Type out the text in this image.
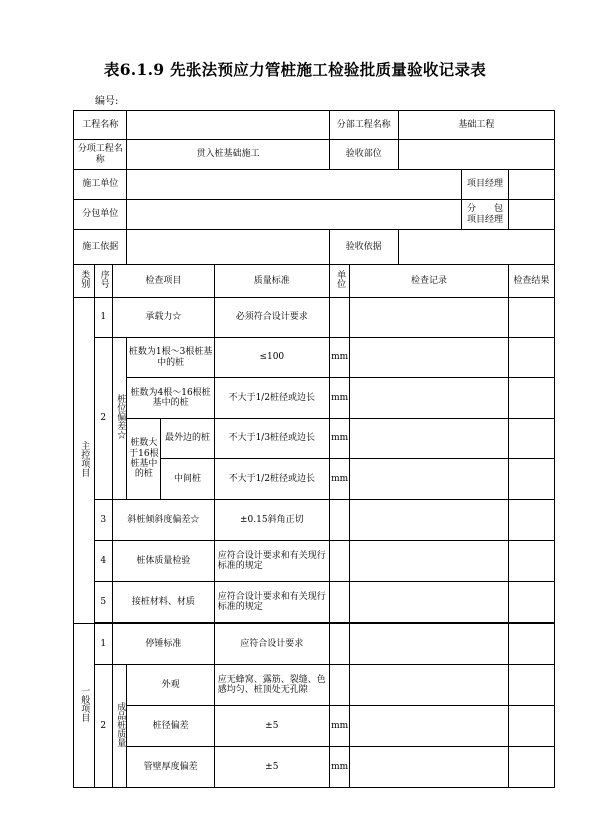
表6.1.9 先张法预应力管桩施工检验批质量验收记录表
编号:
工程名称						分部工程名称		基础工程		
分项工程名称			贯入桩基础施工			验收部位				
施工单位									项目经理	
分包单位									分　　包
项目经理	

施工依据						验收依据				
类别	序号	检查项目			质量标准	单位	检查记录			检查结果
主控项目	1	承载力☆			必须符合设计要求					
	2	桩位偏差☆	桩数为1根～3根桩基中的桩		≤100	mm				
			桩数为4根～16根桩基中的桩		不大于1/2桩径或边长	mm				
			桩数大于16根桩基中的桩	最外边的桩	不大于1/3桩径或边长	mm				
				中间桩	不大于1/2桩径或边长	mm				
	3	斜桩倾斜度偏差☆			±0.15斜角正切					
	4	桩体质量检验			应符合设计要求和有关现行标准的规定					
	5	接桩材料、材质			应符合设计要求和有关现行标准的规定					

一般项目	1	停锤标准			应符合设计要求					
	2	成品桩质量	外观		应无蜂窝、露筋、裂缝、色感均匀、桩顶处无孔隙					
			桩径偏差		±5	mm				
			管壁厚度偏差		±5	mm				
